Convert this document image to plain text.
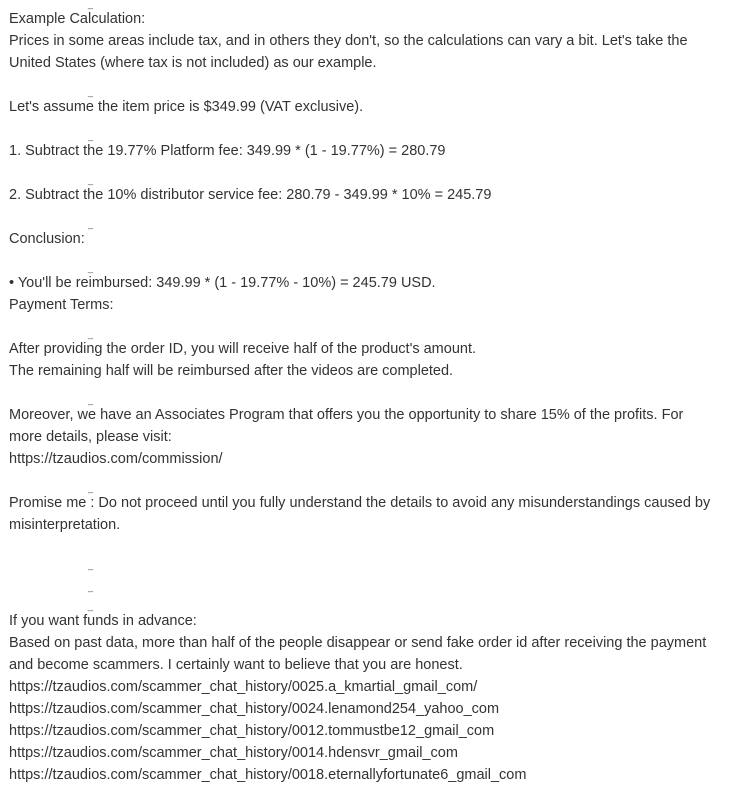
_
Example Calculation:
Prices in some areas include tax, and in others they don't, so the calculations can vary a bit. Let's take the
United States (where tax is not included) as our example.
_
Let's assume the item price is $349.99 (VAT exclusive).
_
1. Subtract the 19.77% Platform fee: 349.99 * (1 - 19.77%) = 280.79
_
2. Subtract the 10% distributor service fee: 280.79 - 349.99 * 10% = 245.79
_
Conclusion:
_
• You'll be reimbursed: 349.99 * (1 - 19.77% - 10%) = 245.79 USD.
Payment Terms:
_
After providing the order ID, you will receive half of the product's amount.
The remaining half will be reimbursed after the videos are completed.
_
Moreover, we have an Associates Program that offers you the opportunity to share 15% of the profits. For
more details, please visit:
https://tzaudios.com/commission/
_
Promise me : Do not proceed until you fully understand the details to avoid any misunderstandings caused by
misinterpretation.
_
_
_
If you want funds in advance:
Based on past data, more than half of the people disappear or send fake order id after receiving the payment
and become scammers. I certainly want to believe that you are honest.
https://tzaudios.com/scammer_chat_history/0025.a_kmartial_gmail_com/
https://tzaudios.com/scammer_chat_history/0024.lenamond254_yahoo_com
https://tzaudios.com/scammer_chat_history/0012.tommustbe12_gmail_com
https://tzaudios.com/scammer_chat_history/0014.hdensvr_gmail_com
https://tzaudios.com/scammer_chat_history/0018.eternallyfortunate6_gmail_com
